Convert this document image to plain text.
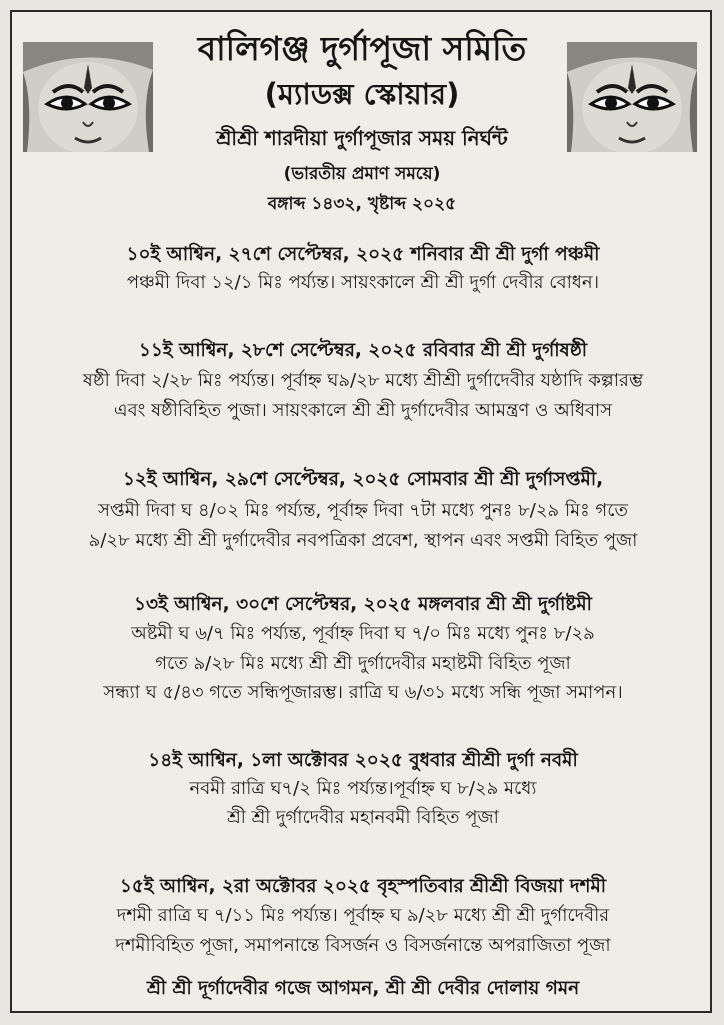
বালিগঞ্জ দুর্গাপূজা সমিতি
(ম্যাডক্স স্কোয়ার)
শ্রীশ্রী শারদীয়া দুর্গাপূজার সময় নির্ঘন্ট
(ভারতীয় প্রমাণ সময়ে)
বঙ্গাব্দ ১৪৩২, খৃষ্টাব্দ ২০২৫
১০ই আশ্বিন, ২৭শে সেপ্টেম্বর, ২০২৫ শনিবার শ্রী শ্রী দুর্গা পঞ্চমী
পঞ্চমী দিবা ১২/১ মিঃ পর্য্যন্ত। সায়ংকালে শ্রী শ্রী দুর্গা দেবীর বোধন।
১১ই আশ্বিন, ২৮শে সেপ্টেম্বর, ২০২৫ রবিবার শ্রী শ্রী দুর্গাষষ্ঠী
ষষ্ঠী দিবা ২/২৮ মিঃ পর্য্যন্ত। পূর্বাহ্ন ঘ৯/২৮ মধ্যে শ্রীশ্রী দুর্গাদেবীর যষ্ঠাদি কল্পারম্ভ
এবং ষষ্ঠীবিহিত পুজা। সায়ংকালে শ্রী শ্রী দুর্গাদেবীর আমন্ত্রণ ও অধিবাস
১২ই আশ্বিন, ২৯শে সেপ্টেম্বর, ২০২৫ সোমবার শ্রী শ্রী দুর্গাসপ্তমী,
সপ্তমী দিবা ঘ ৪/০২ মিঃ পর্য্যন্ত, পূর্বাহ্ন দিবা ৭টা মধ্যে পুনঃ ৮/২৯ মিঃ গতে
৯/২৮ মধ্যে শ্রী শ্রী দুর্গাদেবীর নবপত্রিকা প্রবেশ, স্থাপন এবং সপ্তমী বিহিত পুজা
১৩ই আশ্বিন, ৩০শে সেপ্টেম্বর, ২০২৫ মঙ্গলবার শ্রী শ্রী দুর্গাষ্টমী
অষ্টমী ঘ ৬/৭ মিঃ পর্য্যন্ত, পূর্বাহ্ন দিবা ঘ ৭/০ মিঃ মধ্যে পুনঃ ৮/২৯
গতে ৯/২৮ মিঃ মধ্যে শ্রী শ্রী দুর্গাদেবীর মহাষ্টমী বিহিত পূজা
সন্ধ্যা ঘ ৫/৪৩ গতে সন্ধিপূজারম্ভ। রাত্রি ঘ ৬/৩১ মধ্যে সন্ধি পূজা সমাপন।
১৪ই আশ্বিন, ১লা অক্টোবর ২০২৫ বুধবার শ্রীশ্রী দুর্গা নবমী
নবমী রাত্রি ঘ৭/২ মিঃ পর্য্যন্ত।পূর্বাহ্ন ঘ ৮/২৯ মধ্যে
শ্রী শ্রী দুর্গাদেবীর মহানবমী বিহিত পূজা
১৫ই আশ্বিন, ২রা অক্টোবর ২০২৫ বৃহস্পতিবার শ্রীশ্রী বিজয়া দশমী
দশমী রাত্রি ঘ ৭/১১ মিঃ পর্য্যন্ত। পূর্বাহ্ন ঘ ৯/২৮ মধ্যে শ্রী শ্রী দুর্গাদেবীর
দশমীবিহিত পূজা, সমাপনান্তে বিসর্জন ও বিসর্জনান্তে অপরাজিতা পূজা
শ্রী শ্রী দূর্গাদেবীর গজে আগমন, শ্রী শ্রী দেবীর দোলায় গমন
